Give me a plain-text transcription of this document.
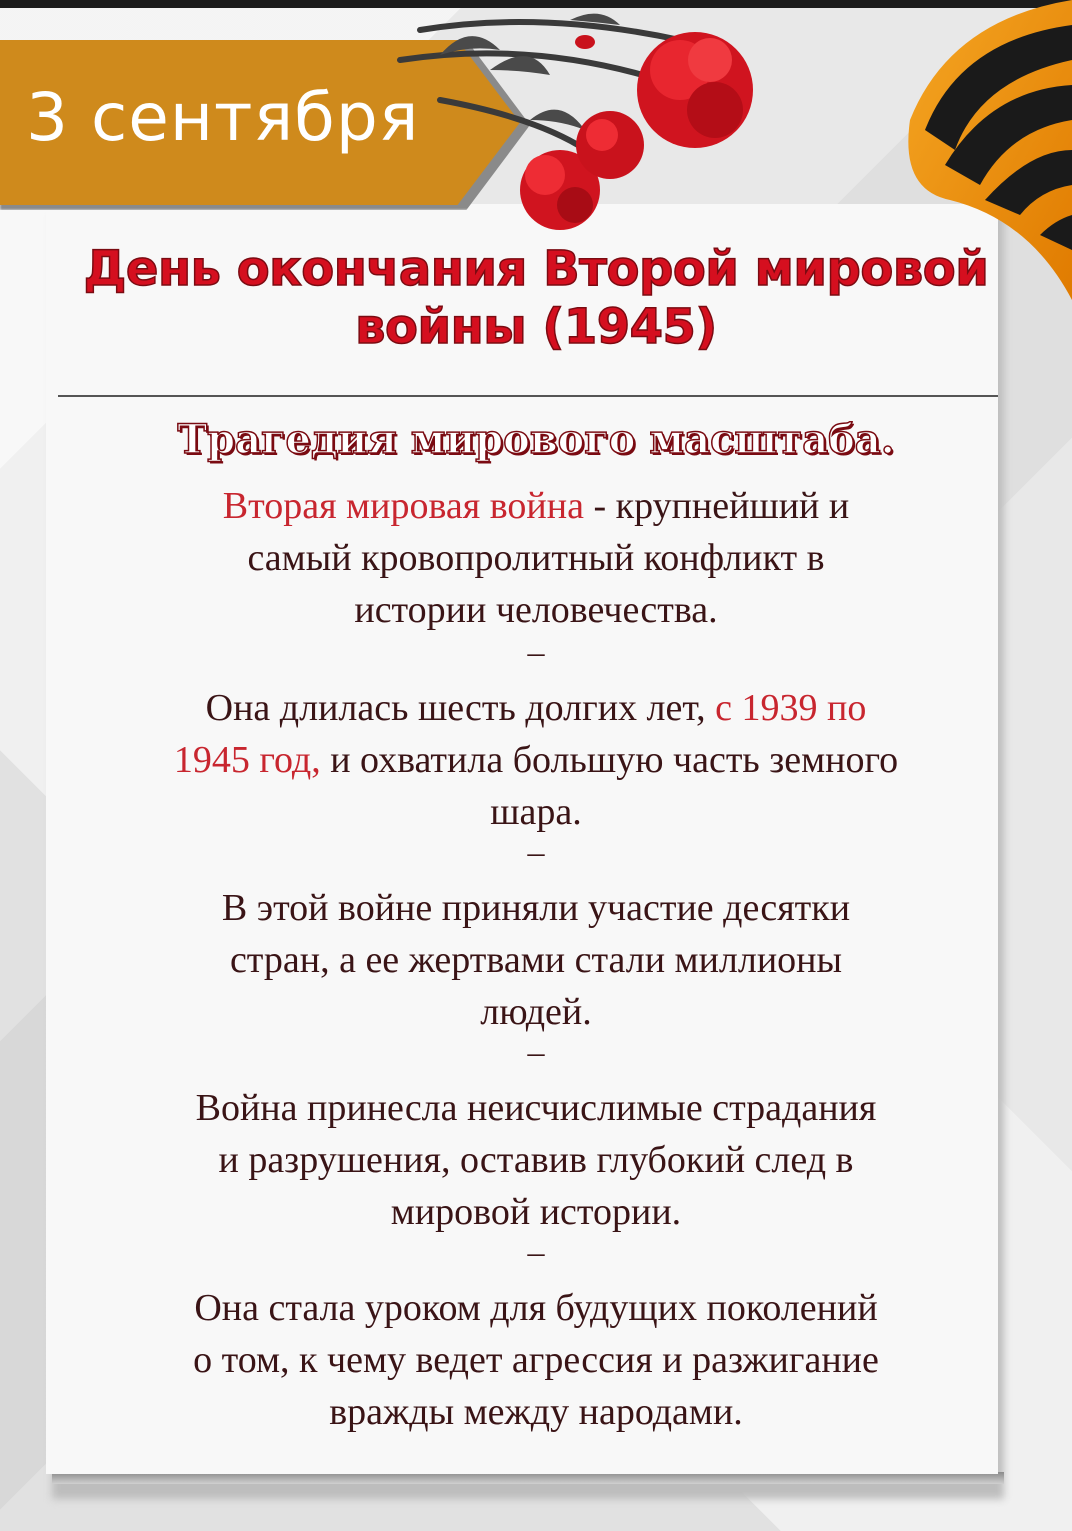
3 сентября
День окончания Второй мировой
войны (1945)
Трагедия мирового масштаба.
Вторая мировая война - крупнейший и
самый кровопролитный конфликт в
истории человечества.
–
Она длилась шесть долгих лет, с 1939 по
1945 год, и охватила большую часть земного
шара.
–
В этой войне приняли участие десятки
стран, а ее жертвами стали миллионы
людей.
–
Война принесла неисчислимые страдания
и разрушения, оставив глубокий след в
мировой истории.
–
Она стала уроком для будущих поколений
о том, к чему ведет агрессия и разжигание
вражды между народами.
